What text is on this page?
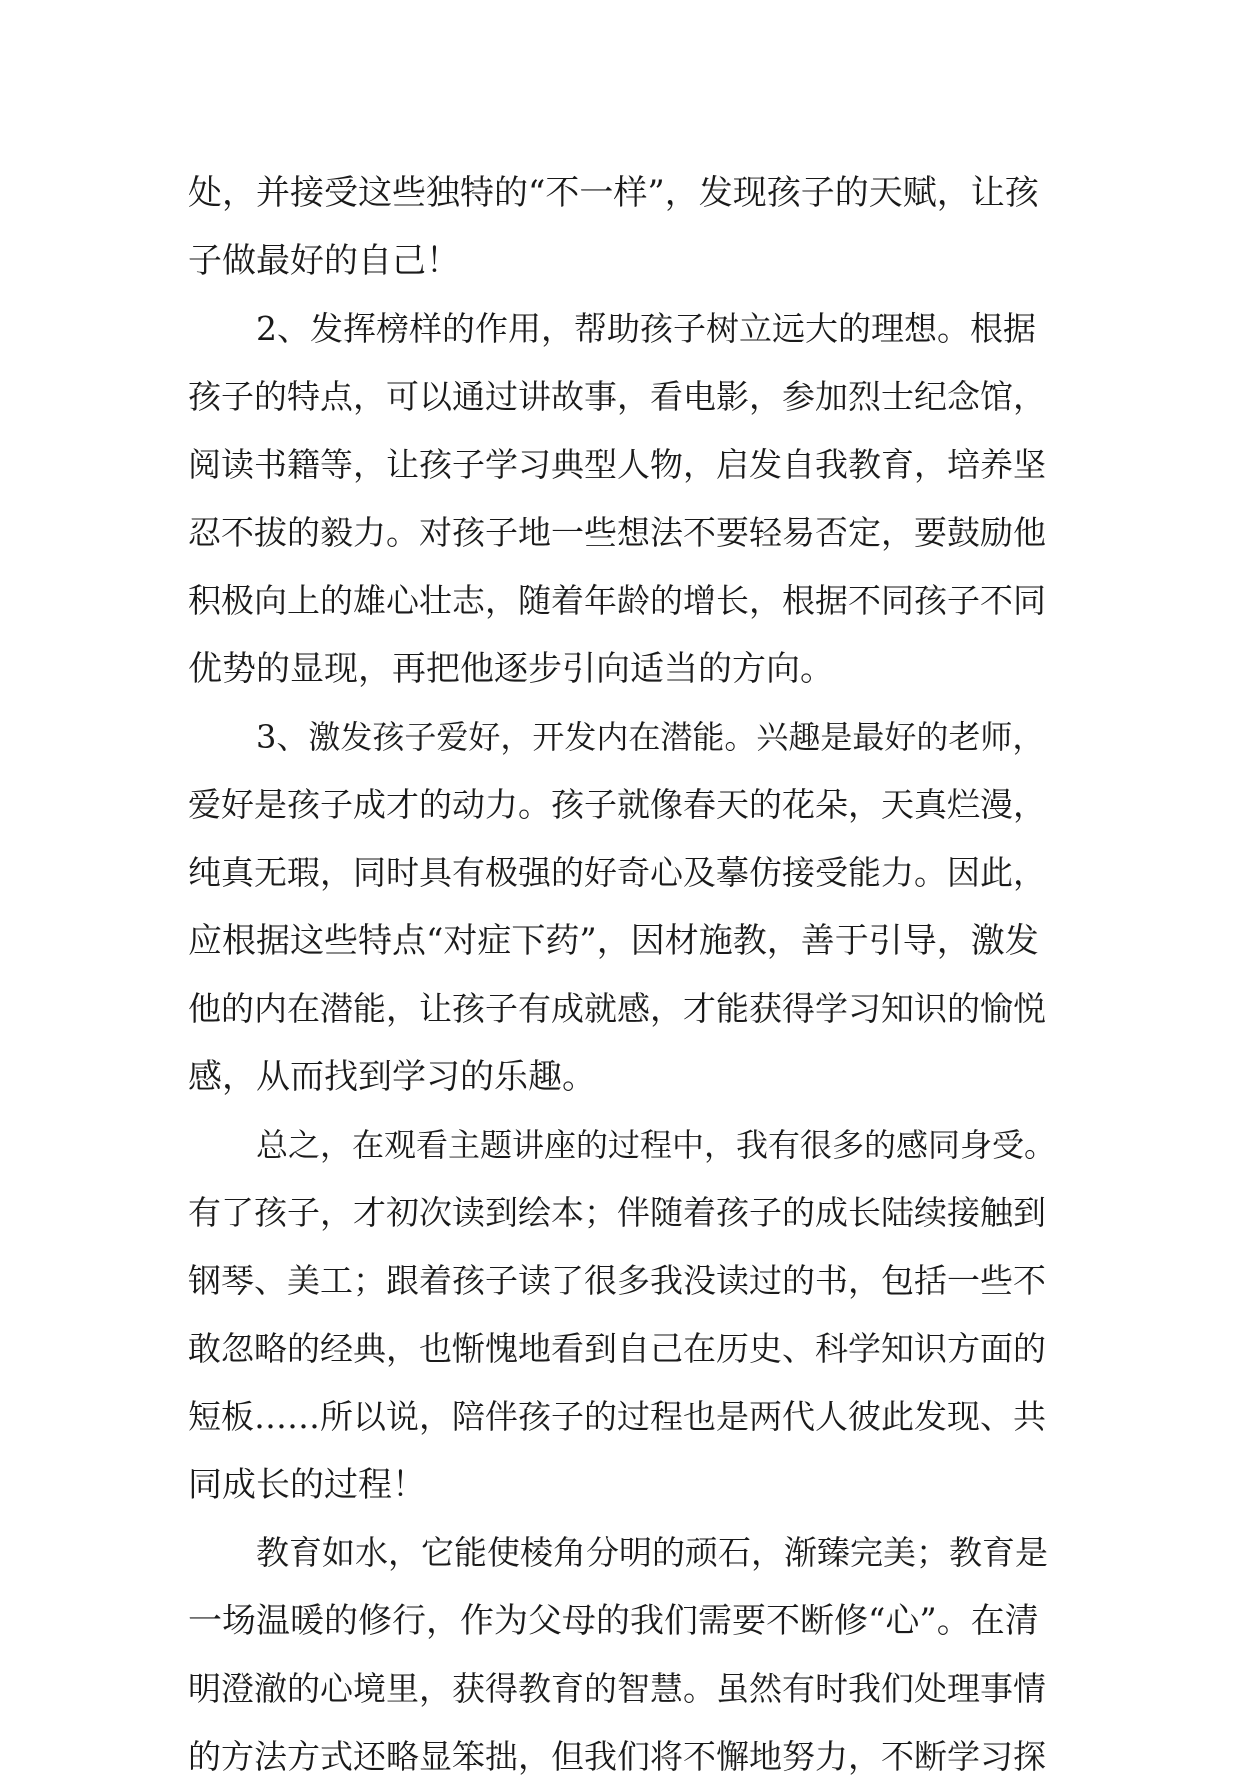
处，并接受这些独特的“不一样”，发现孩子的天赋，让孩
子做最好的自己！
2、发挥榜样的作用，帮助孩子树立远大的理想。根据
孩子的特点，可以通过讲故事，看电影，参加烈士纪念馆，
阅读书籍等，让孩子学习典型人物，启发自我教育，培养坚
忍不拔的毅力。对孩子地一些想法不要轻易否定，要鼓励他
积极向上的雄心壮志，随着年龄的增长，根据不同孩子不同
优势的显现，再把他逐步引向适当的方向。
3、激发孩子爱好，开发内在潜能。兴趣是最好的老师，
爱好是孩子成才的动力。孩子就像春天的花朵，天真烂漫，
纯真无瑕，同时具有极强的好奇心及摹仿接受能力。因此，
应根据这些特点“对症下药”，因材施教，善于引导，激发
他的内在潜能，让孩子有成就感，才能获得学习知识的愉悦
感，从而找到学习的乐趣。
总之，在观看主题讲座的过程中，我有很多的感同身受。
有了孩子，才初次读到绘本；伴随着孩子的成长陆续接触到
钢琴、美工；跟着孩子读了很多我没读过的书，包括一些不
敢忽略的经典，也惭愧地看到自己在历史、科学知识方面的
短板……所以说，陪伴孩子的过程也是两代人彼此发现、共
同成长的过程！
教育如水，它能使棱角分明的顽石，渐臻完美；教育是
一场温暖的修行，作为父母的我们需要不断修“心”。在清
明澄澈的心境里，获得教育的智慧。虽然有时我们处理事情
的方法方式还略显笨拙，但我们将不懈地努力，不断学习探
